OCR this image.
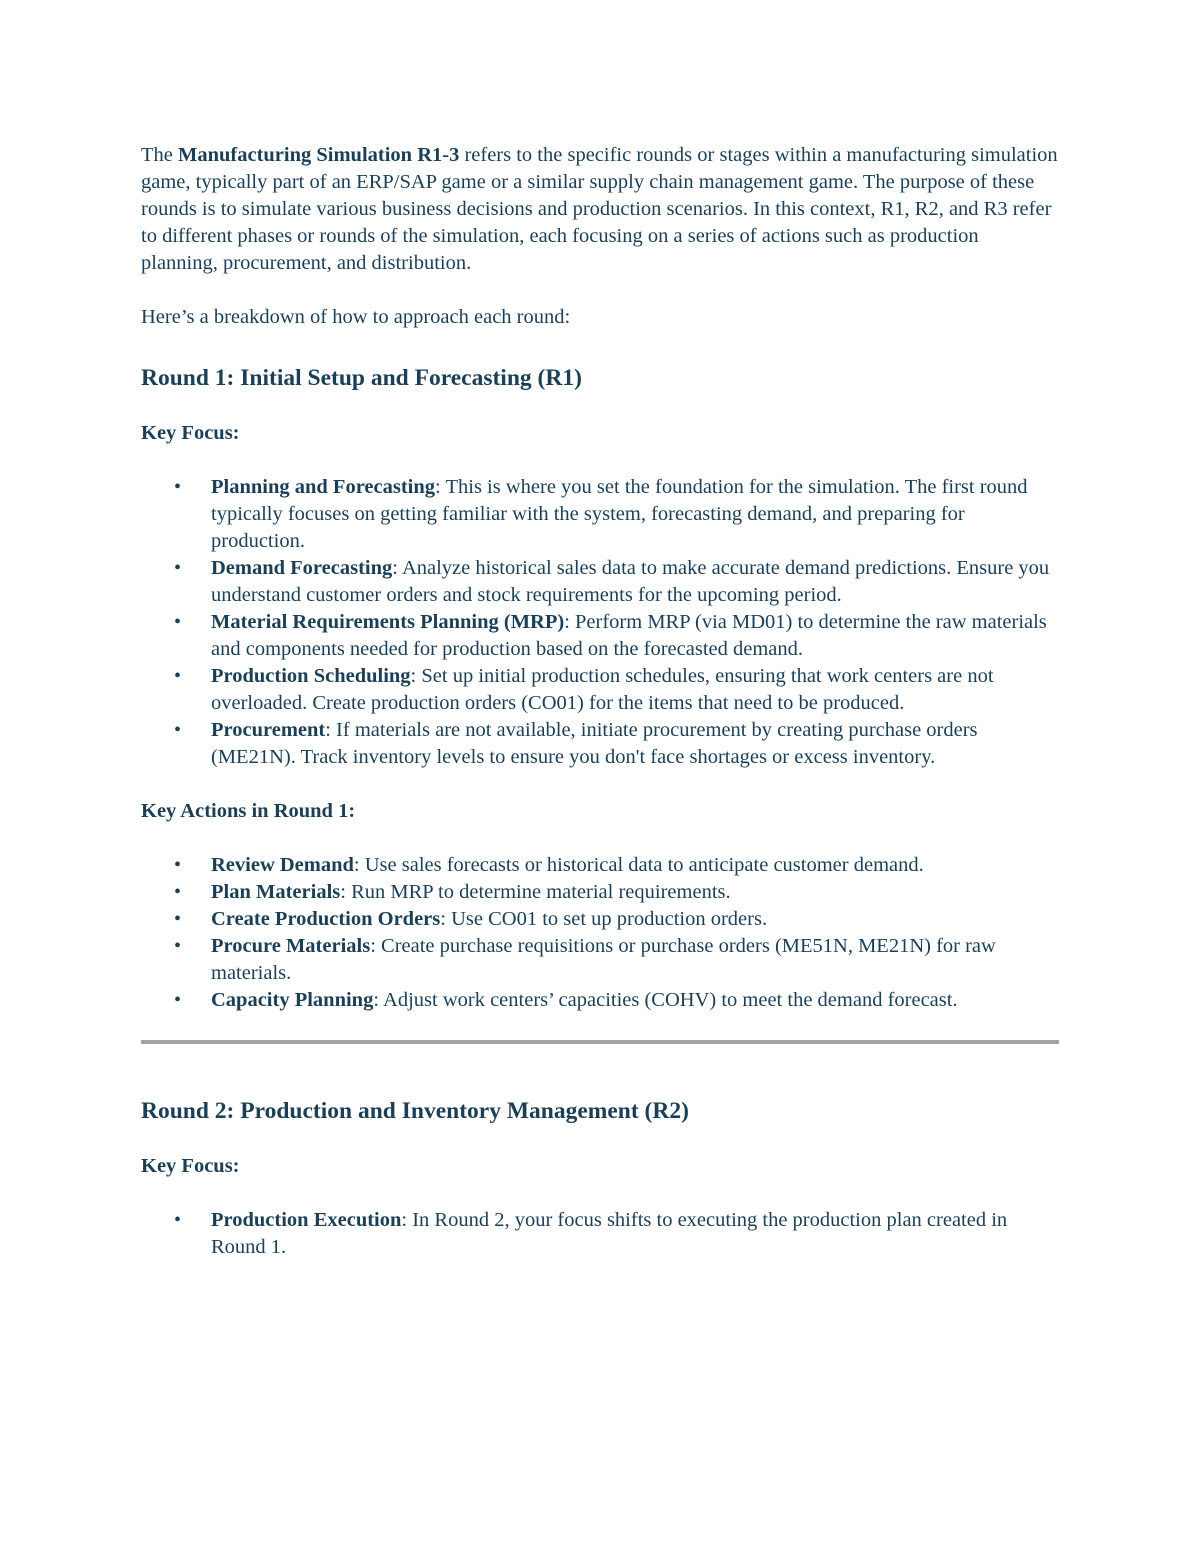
The Manufacturing Simulation R1-3 refers to the specific rounds or stages within a manufacturing simulation game, typically part of an ERP/SAP game or a similar supply chain management game. The purpose of these rounds is to simulate various business decisions and production scenarios. In this context, R1, R2, and R3 refer to different phases or rounds of the simulation, each focusing on a series of actions such as production planning, procurement, and distribution.

Here’s a breakdown of how to approach each round:

Round 1: Initial Setup and Forecasting (R1)
Key Focus:
• Planning and Forecasting: This is where you set the foundation for the simulation. The first round typically focuses on getting familiar with the system, forecasting demand, and preparing for production.
• Demand Forecasting: Analyze historical sales data to make accurate demand predictions. Ensure you understand customer orders and stock requirements for the upcoming period.
• Material Requirements Planning (MRP): Perform MRP (via MD01) to determine the raw materials and components needed for production based on the forecasted demand.
• Production Scheduling: Set up initial production schedules, ensuring that work centers are not overloaded. Create production orders (CO01) for the items that need to be produced.
• Procurement: If materials are not available, initiate procurement by creating purchase orders (ME21N). Track inventory levels to ensure you don't face shortages or excess inventory.
Key Actions in Round 1:
• Review Demand: Use sales forecasts or historical data to anticipate customer demand.
• Plan Materials: Run MRP to determine material requirements.
• Create Production Orders: Use CO01 to set up production orders.
• Procure Materials: Create purchase requisitions or purchase orders (ME51N, ME21N) for raw materials.
• Capacity Planning: Adjust work centers’ capacities (COHV) to meet the demand forecast.
Round 2: Production and Inventory Management (R2)
Key Focus:
• Production Execution: In Round 2, your focus shifts to executing the production plan created in Round 1.
